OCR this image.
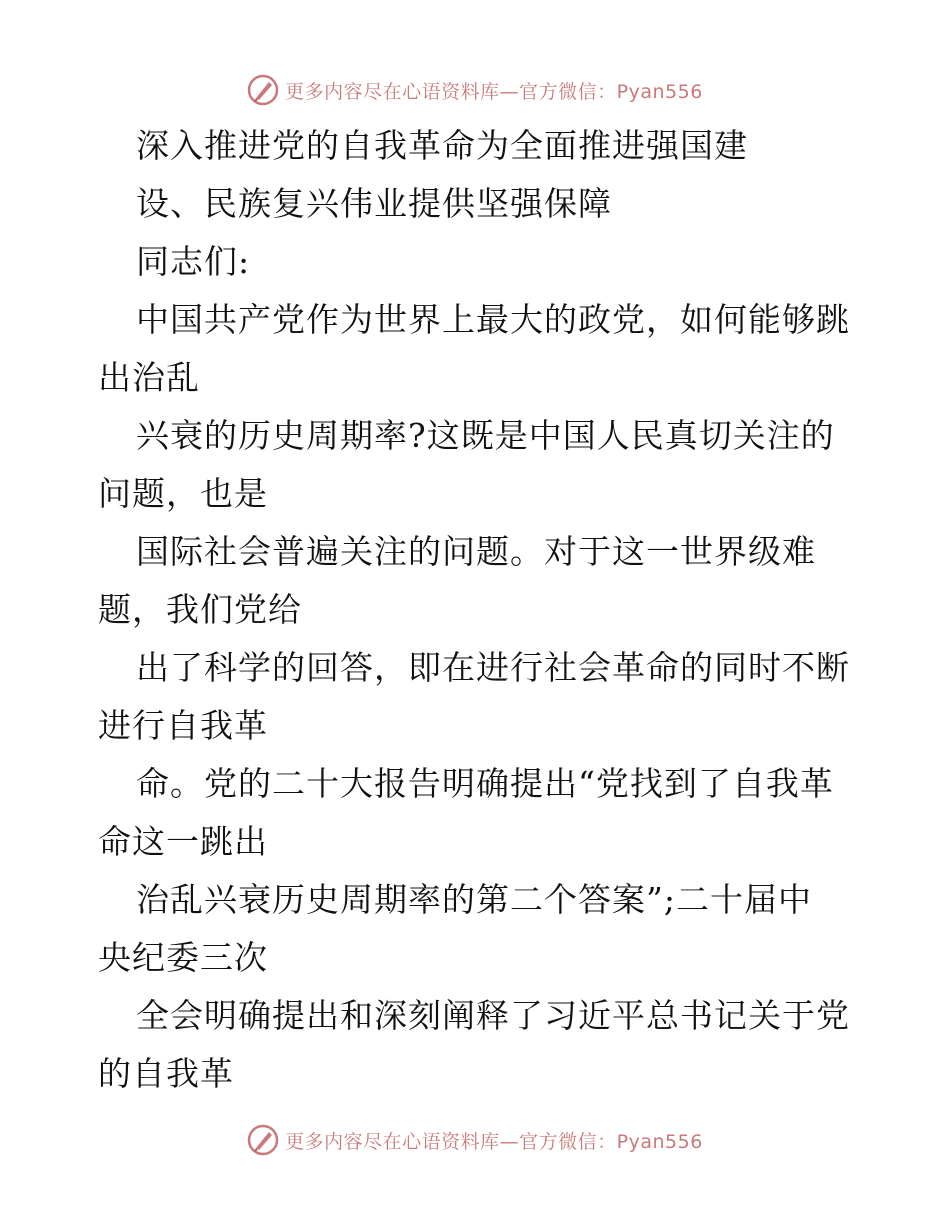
更多内容尽在心语资料库—官方微信：Pyan556
深入推进党的自我革命为全面推进强国建
设、民族复兴伟业提供坚强保障
同志们:
中国共产党作为世界上最大的政党，如何能够跳
出治乱
兴衰的历史周期率?这既是中国人民真切关注的
问题，也是
国际社会普遍关注的问题。对于这一世界级难
题，我们党给
出了科学的回答，即在进行社会革命的同时不断
进行自我革
命。党的二十大报告明确提出“党找到了自我革
命这一跳出
治乱兴衰历史周期率的第二个答案”;二十届中
央纪委三次
全会明确提出和深刻阐释了习近平总书记关于党
的自我革
更多内容尽在心语资料库—官方微信：Pyan556
